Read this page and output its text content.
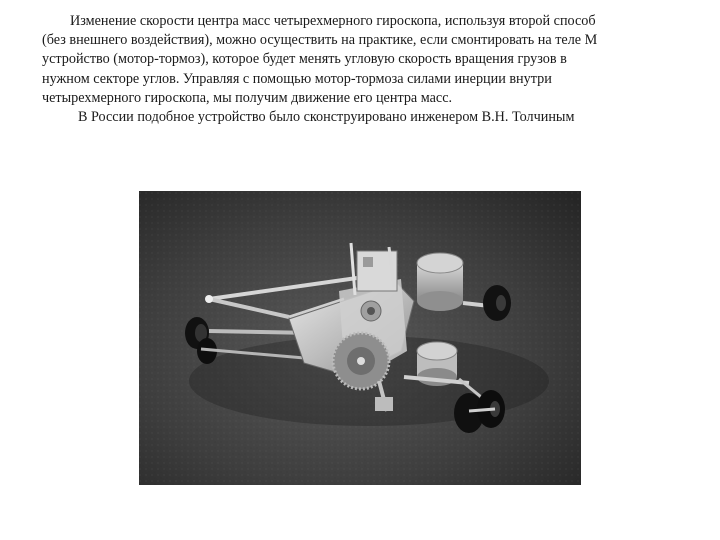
Изменение скорости центра масс четырехмерного гироскопа, используя второй способ
(без внешнего воздействия), можно осуществить на практике, если смонтировать на теле М
устройство (мотор-тормоз), которое будет менять угловую скорость вращения грузов в
нужном секторе углов. Управляя с помощью мотор-тормоза силами инерции внутри
четырехмерного гироскопа, мы получим движение его центра масс.
В России подобное устройство было сконструировано инженером В.Н. Толчиным
